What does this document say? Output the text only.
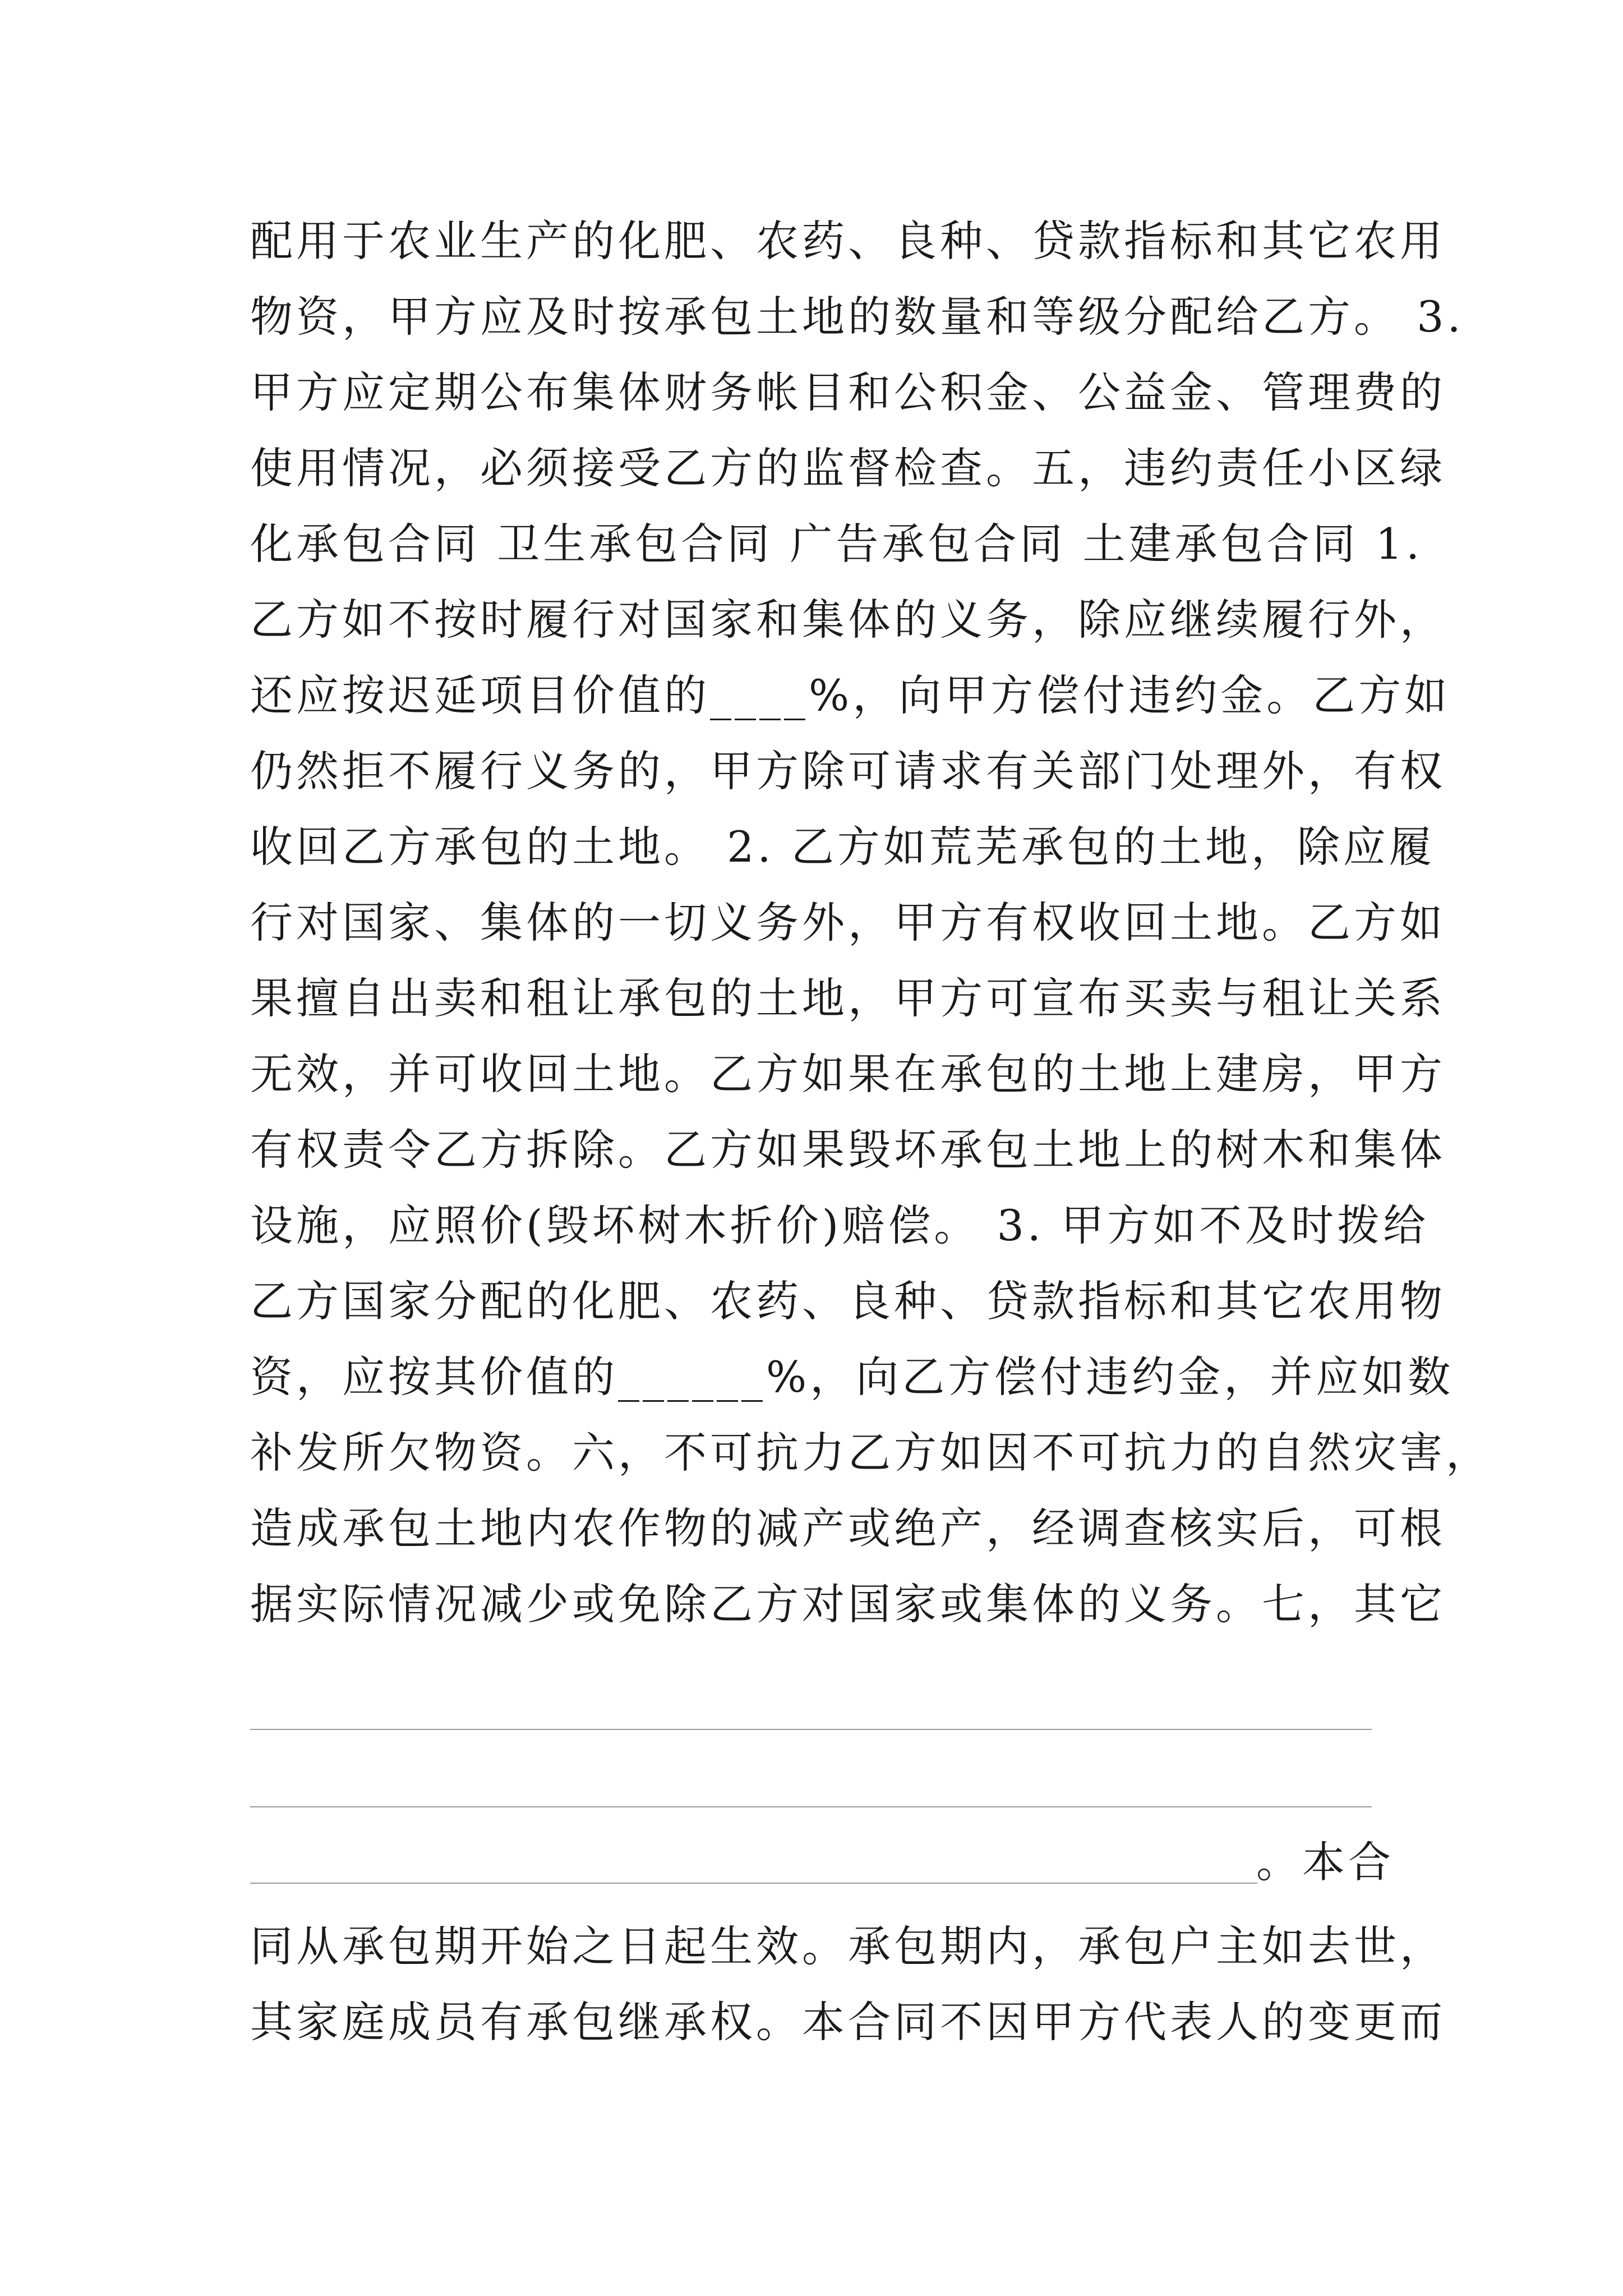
配用于农业生产的化肥、农药、良种、贷款指标和其它农用
物资，甲方应及时按承包土地的数量和等级分配给乙方。 3.
甲方应定期公布集体财务帐目和公积金、公益金、管理费的
使用情况，必须接受乙方的监督检查。五，违约责任小区绿
化承包合同 卫生承包合同 广告承包合同 土建承包合同 1.
乙方如不按时履行对国家和集体的义务，除应继续履行外，
还应按迟延项目价值的____%，向甲方偿付违约金。乙方如
仍然拒不履行义务的，甲方除可请求有关部门处理外，有权
收回乙方承包的土地。 2. 乙方如荒芜承包的土地，除应履
行对国家、集体的一切义务外，甲方有权收回土地。乙方如
果擅自出卖和租让承包的土地，甲方可宣布买卖与租让关系
无效，并可收回土地。乙方如果在承包的土地上建房，甲方
有权责令乙方拆除。乙方如果毁坏承包土地上的树木和集体
设施，应照价(毁坏树木折价)赔偿。 3. 甲方如不及时拨给
乙方国家分配的化肥、农药、良种、贷款指标和其它农用物
资，应按其价值的______%，向乙方偿付违约金，并应如数
补发所欠物资。六，不可抗力乙方如因不可抗力的自然灾害，
造成承包土地内农作物的减产或绝产，经调查核实后，可根
据实际情况减少或免除乙方对国家或集体的义务。七，其它
。本合
同从承包期开始之日起生效。承包期内，承包户主如去世，
其家庭成员有承包继承权。本合同不因甲方代表人的变更而
